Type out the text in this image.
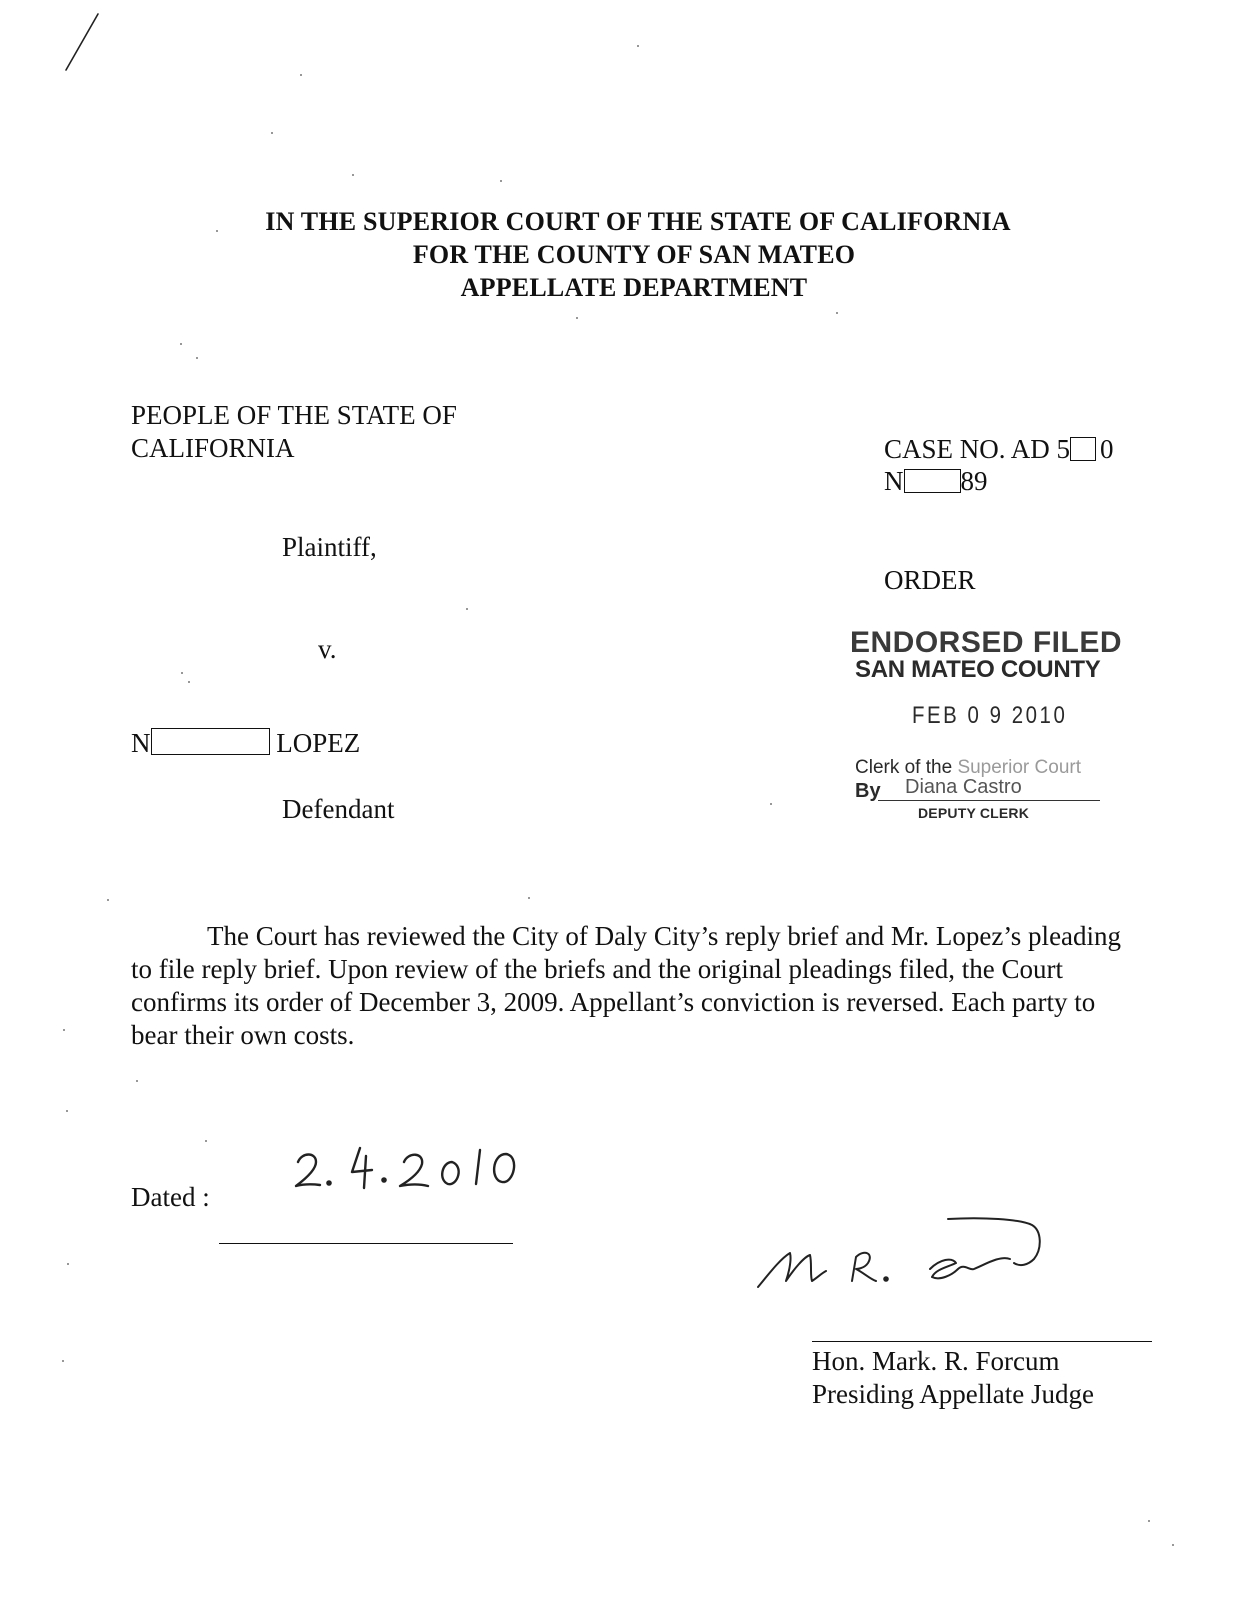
IN THE SUPERIOR COURT OF THE STATE OF CALIFORNIA
FOR THE COUNTY OF SAN MATEO
APPELLATE DEPARTMENT
PEOPLE OF THE STATE OF
CALIFORNIA
Plaintiff,
v.
N	LOPEZ
Defendant
CASE NO. AD 5 0
N 89
ORDER
ENDORSED FILED
SAN MATEO COUNTY
FEB 0 9 2010
Clerk of the Superior Court
By Diana Castro
DEPUTY CLERK

The Court has reviewed the City of Daly City’s reply brief and Mr. Lopez’s pleading to file reply brief. Upon review of the briefs and the original pleadings filed, the Court confirms its order of December 3, 2009. Appellant’s conviction is reversed. Each party to bear their own costs.

Dated :
Hon. Mark. R. Forcum
Presiding Appellate Judge
